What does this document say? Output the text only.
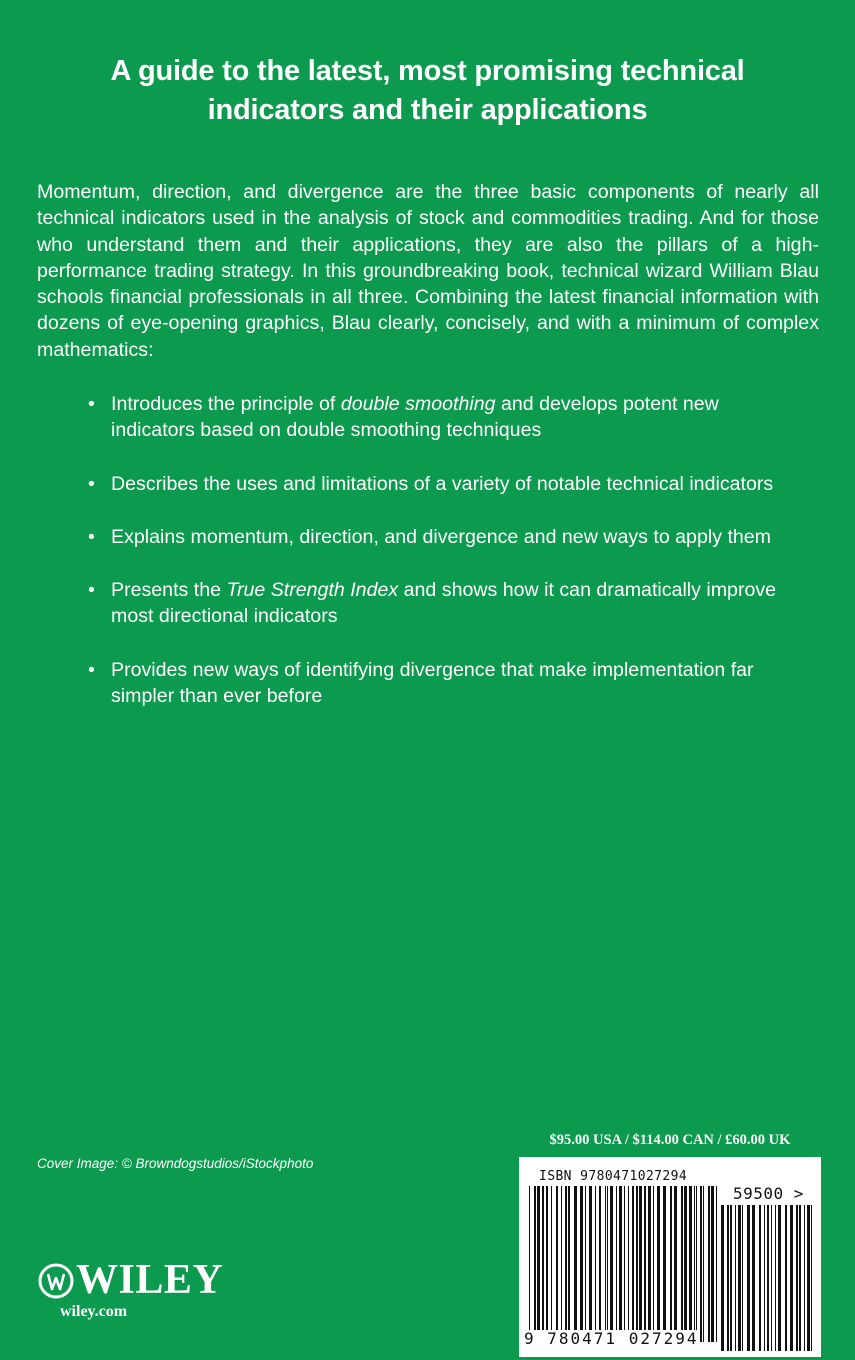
A guide to the latest, most promising technical indicators and their applications
Momentum, direction, and divergence are the three basic components of nearly all technical indicators used in the analysis of stock and commodities trading. And for those who understand them and their applications, they are also the pillars of a high-performance trading strategy. In this groundbreaking book, technical wizard William Blau schools financial professionals in all three. Combining the latest financial information with dozens of eye-opening graphics, Blau clearly, concisely, and with a minimum of complex mathematics:
• Introduces the principle of double smoothing and develops potent new indicators based on double smoothing techniques
• Describes the uses and limitations of a variety of notable technical indicators
• Explains momentum, direction, and divergence and new ways to apply them
• Presents the True Strength Index and shows how it can dramatically improve most directional indicators
• Provides new ways of identifying divergence that make implementation far simpler than ever before
$95.00 USA / $114.00 CAN / £60.00 UK
Cover Image: © Browndogstudios/iStockphoto
ISBN 9780471027294
59500 >
9 780471 027294
WILEY
wiley.com
